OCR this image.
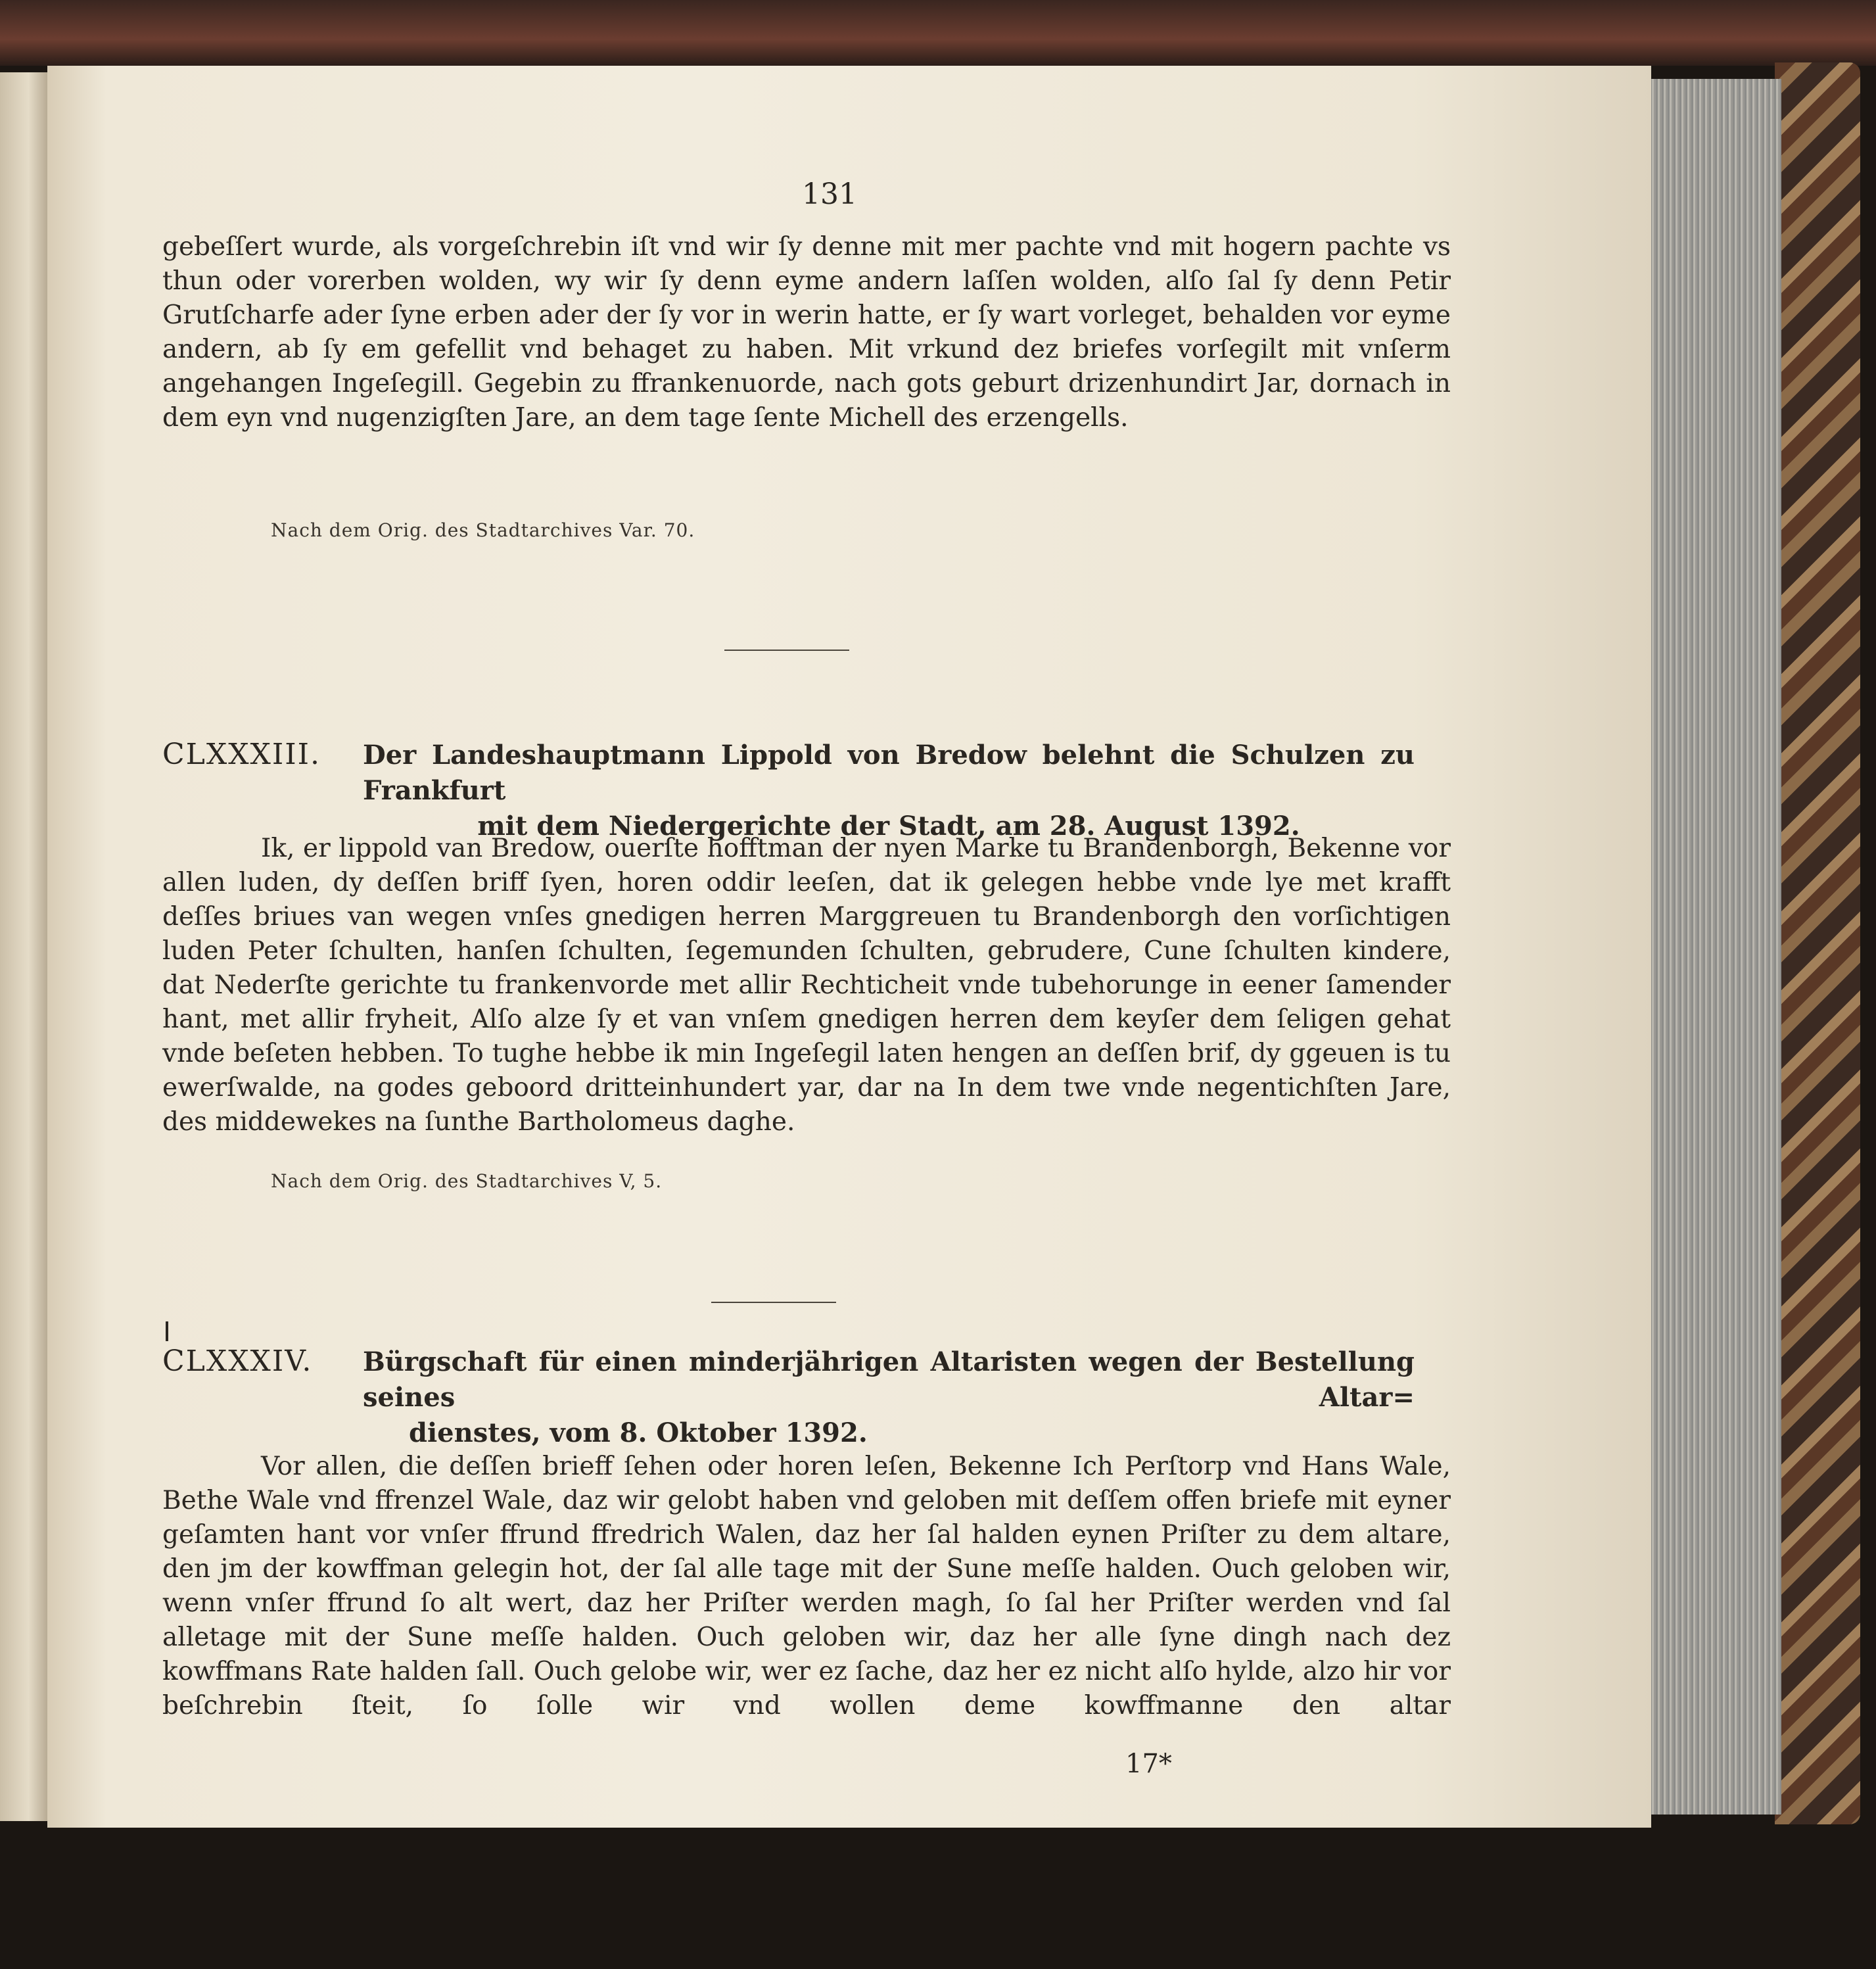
131

gebeſſert wurde, als vorgeſchrebin iſt vnd wir ſy denne mit mer pachte vnd mit hogern pachte vs thun oder vorerben wolden, wy wir ſy denn eyme andern laſſen wolden, alſo ſal ſy denn Petir Grutſcharfe ader ſyne erben ader der ſy vor in werin hatte, er ſy wart vorleget, behalden vor eyme andern, ab ſy em gefellit vnd behaget zu haben. Mit vrkund dez briefes vorſegilt mit vnſerm angehangen Ingeſegill. Gegebin zu ffrankenuorde, nach gots geburt drizenhundirt Jar, dornach in dem eyn vnd nugenzigſten Jare, an dem tage ſente Michell des erzengells.

Nach dem Orig. des Stadtarchives Var. 70.
CLXXXIII. Der Landeshauptmann Lippold von Bredow belehnt die Schulzen zu Frankfurt
mit dem Niedergerichte der Stadt, am 28. August 1392.

Ik, er lippold van Bredow, ouerſte hofftman der nyen Marke tu Brandenborgh, Bekenne vor allen luden, dy deſſen briff ſyen, horen oddir leeſen, dat ik gelegen hebbe vnde lye met krafft deſſes briues van wegen vnſes gnedigen herren Marggreuen tu Brandenborgh den vorſichtigen luden Peter ſchulten, hanſen ſchulten, ſegemunden ſchulten, gebrudere, Cune ſchulten kindere, dat Nederſte gerichte tu frankenvorde met allir Rechticheit vnde tubehorunge in eener ſamender hant, met allir fryheit, Alſo alze ſy et van vnſem gnedigen herren dem keyſer dem ſeligen gehat vnde beſeten hebben. To tughe hebbe ik min Ingeſegil laten hengen an deſſen brif, dy ggeuen is tu ewerſwalde, na godes geboord dritteinhundert yar, dar na In dem twe vnde negentichſten Jare, des middewekes na ſunthe Bartholomeus daghe.

Nach dem Orig. des Stadtarchives V, 5.
CLXXXIV. Bürgschaft für einen minderjährigen Altaristen wegen der Bestellung seines Altar=
dienstes, vom 8. Oktober 1392.

Vor allen, die deſſen brieff ſehen oder horen leſen, Bekenne Ich Perſtorp vnd Hans Wale, Bethe Wale vnd ffrenzel Wale, daz wir gelobt haben vnd geloben mit deſſem offen briefe mit eyner geſamten hant vor vnſer ffrund ffredrich Walen, daz her ſal halden eynen Priſter zu dem altare, den jm der kowffman gelegin hot, der ſal alle tage mit der Sune meſſe halden. Ouch geloben wir, wenn vnſer ffrund ſo alt wert, daz her Priſter werden magh, ſo ſal her Priſter werden vnd ſal alletage mit der Sune meſſe halden. Ouch geloben wir, daz her alle ſyne dingh nach dez kowffmans Rate halden ſall. Ouch gelobe wir, wer ez ſache, daz her ez nicht alſo hylde, alzo hir vor beſchrebin ſteit, ſo ſolle wir vnd wollen deme kowffmanne den altar

17*
